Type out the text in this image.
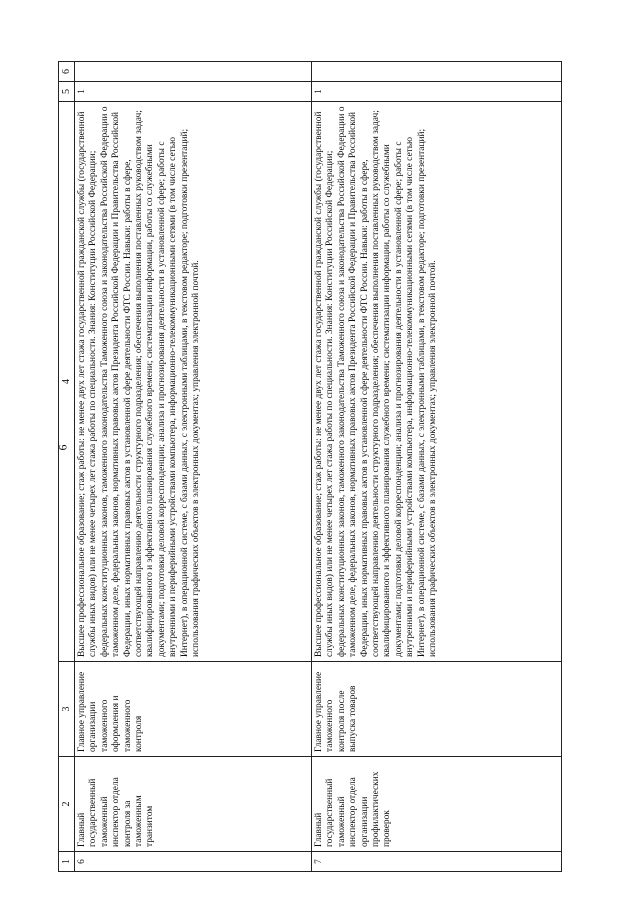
6
1	2	3	4	5	6
6	Главный государственный таможенный инспектор отдела контроля за таможенным транзитом	Главное управление организации таможенного оформления и таможенного контроля	Высшее профессиональное образование; стаж работы: не менее двух лет стажа государственной гражданской службы (государственной службы иных видов) или не менее четырех лет стажа работы по специальности. Знания: Конституции Российской Федерации; федеральных конституционных законов, таможенного законодательства Таможенного союза и законодательства Российской Федерации о таможенном деле, федеральных законов, нормативных правовых актов Президента Российской Федерации и Правительства Российской Федерации, иных нормативных правовых актов в установленной сфере деятельности ФТС России. Навыки: работы в сфере, соответствующей направлению деятельности структурного подразделения; обеспечения выполнения поставленных руководством задач; квалифицированного и эффективного планирования служебного времени; систематизации информации, работы со служебными документами; подготовки деловой корреспонденции; анализа и прогнозирования деятельности в установленной сфере; работы с внутренними и периферийными устройствами компьютера, информационно-телекоммуникационными сетями (в том числе сетью Интернет), в операционной системе, с базами данных, с электронными таблицами, в текстовом редакторе; подготовки презентаций; использования графических объектов в электронных документах; управления электронной почтой.	1	
7	Главный государственный таможенный инспектор отдела организации профилактических проверок	Главное управление таможенного контроля после выпуска товаров	Высшее профессиональное образование; стаж работы: не менее двух лет стажа государственной гражданской службы (государственной службы иных видов) или не менее четырех лет стажа работы по специальности. Знания: Конституции Российской Федерации; федеральных конституционных законов, таможенного законодательства Таможенного союза и законодательства Российской Федерации о таможенном деле, федеральных законов, нормативных правовых актов Президента Российской Федерации и Правительства Российской Федерации, иных нормативных правовых актов в установленной сфере деятельности ФТС России. Навыки: работы в сфере, соответствующей направлению деятельности структурного подразделения; обеспечения выполнения поставленных руководством задач; квалифицированного и эффективного планирования служебного времени; систематизации информации, работы со служебными документами; подготовки деловой корреспонденции; анализа и прогнозирования деятельности в установленной сфере; работы с внутренними и периферийными устройствами компьютера, информационно-телекоммуникационными сетями (в том числе сетью Интернет), в операционной системе, с базами данных, с электронными таблицами, в текстовом редакторе; подготовки презентаций; использования графических объектов в электронных документах; управления электронной почтой.	1	
